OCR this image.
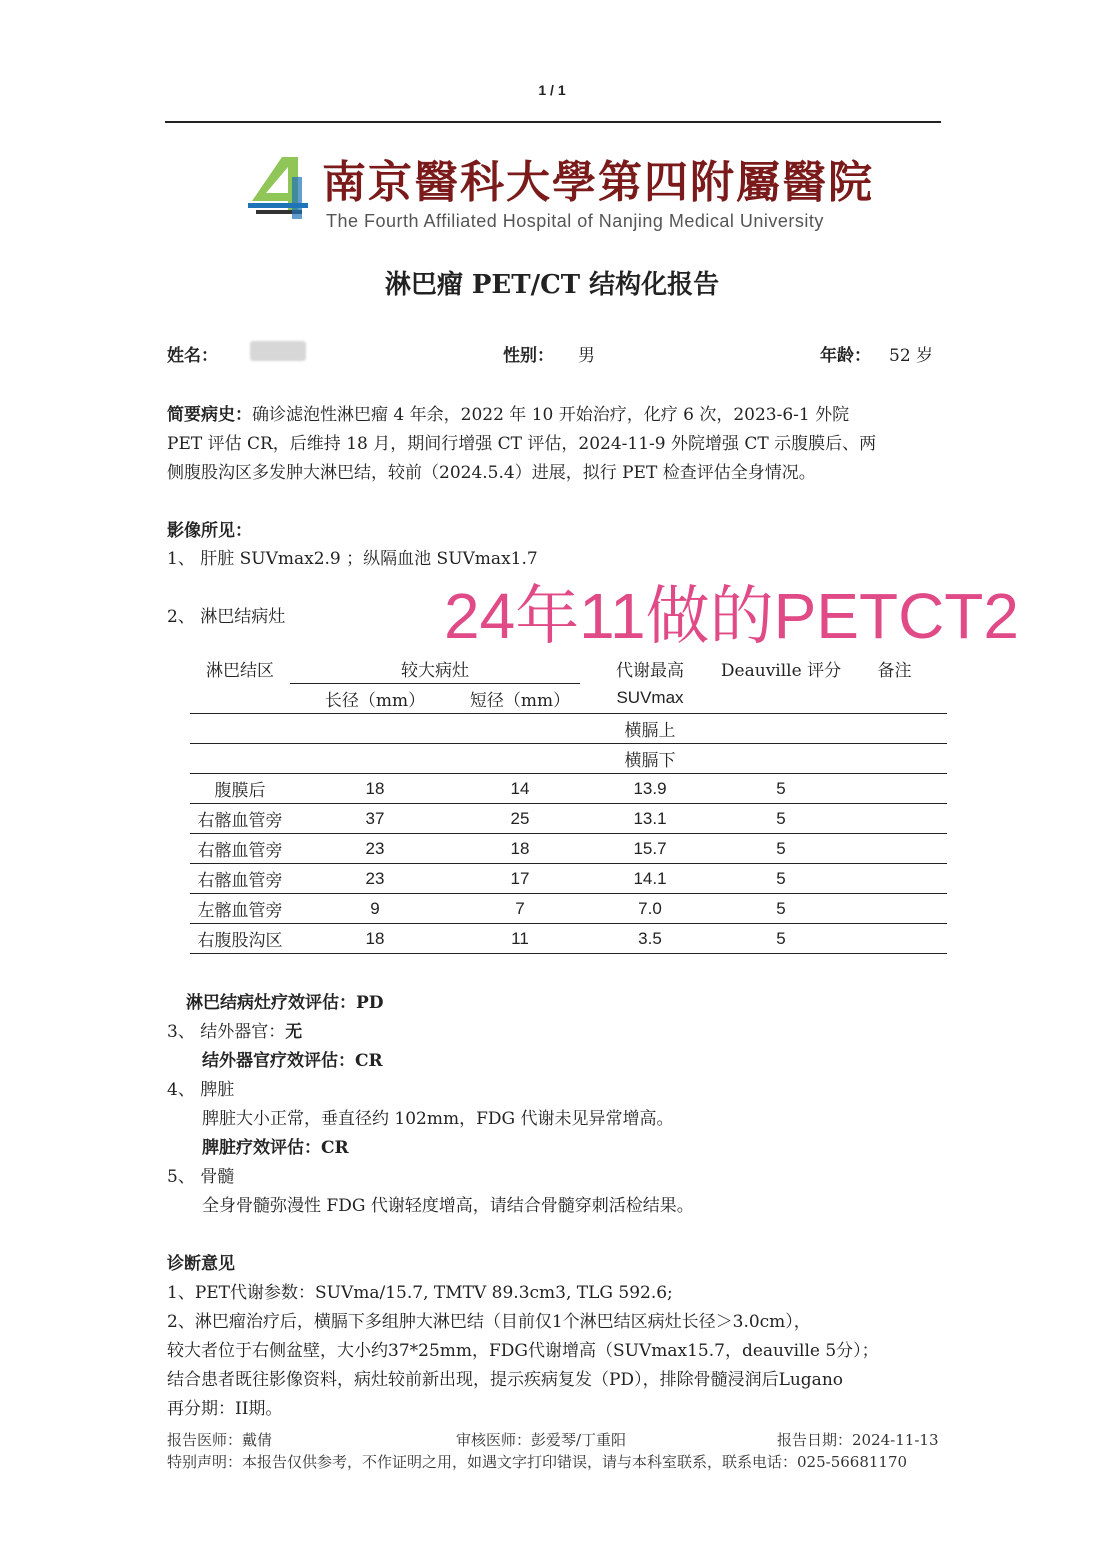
1 / 1
南京醫科大學第四附屬醫院
The Fourth Affiliated Hospital of Nanjing Medical University
淋巴瘤 PET/CT 结构化报告
姓名：	性别： 男	年龄： 52 岁
简要病史：确诊滤泡性淋巴瘤 4 年余，2022 年 10 开始治疗，化疗 6 次，2023-6-1 外院
PET 评估 CR，后维持 18 月，期间行增强 CT 评估，2024-11-9 外院增强 CT 示腹膜后、两
侧腹股沟区多发肿大淋巴结，较前（2024.5.4）进展，拟行 PET 检查评估全身情况。
影像所见：
1、 肝脏 SUVmax2.9 ；纵隔血池 SUVmax1.7
2、 淋巴结病灶 24年11做的PETCT2
淋巴结区	较大病灶		代谢最高	Deauville 评分	备注
	长径（mm）	短径（mm）	SUVmax		
			横膈上		
			横膈下		
腹膜后	18	14	13.9	5	
右髂血管旁	37	25	13.1	5	
右髂血管旁	23	18	15.7	5	
右髂血管旁	23	17	14.1	5	
左髂血管旁	9	7	7.0	5	
右腹股沟区	18	11	3.5	5	
淋巴结病灶疗效评估：PD
3、 结外器官：无
结外器官疗效评估：CR
4、 脾脏
脾脏大小正常，垂直径约 102mm，FDG 代谢未见异常增高。
脾脏疗效评估：CR
5、 骨髓
全身骨髓弥漫性 FDG 代谢轻度增高，请结合骨髓穿刺活检结果。
诊断意见
1、PET代谢参数：SUVma/15.7, TMTV 89.3cm3, TLG 592.6;
2、淋巴瘤治疗后，横膈下多组肿大淋巴结（目前仅1个淋巴结区病灶长径＞3.0cm），
较大者位于右侧盆壁，大小约37*25mm，FDG代谢增高（SUVmax15.7，deauville 5分）；
结合患者既往影像资料，病灶较前新出现，提示疾病复发（PD），排除骨髓浸润后Lugano
再分期：II期。
报告医师：戴倩	审核医师：彭爱琴/丁重阳	报告日期：2024-11-13
特别声明：本报告仅供参考，不作证明之用，如遇文字打印错误，请与本科室联系，联系电话：025-56681170
